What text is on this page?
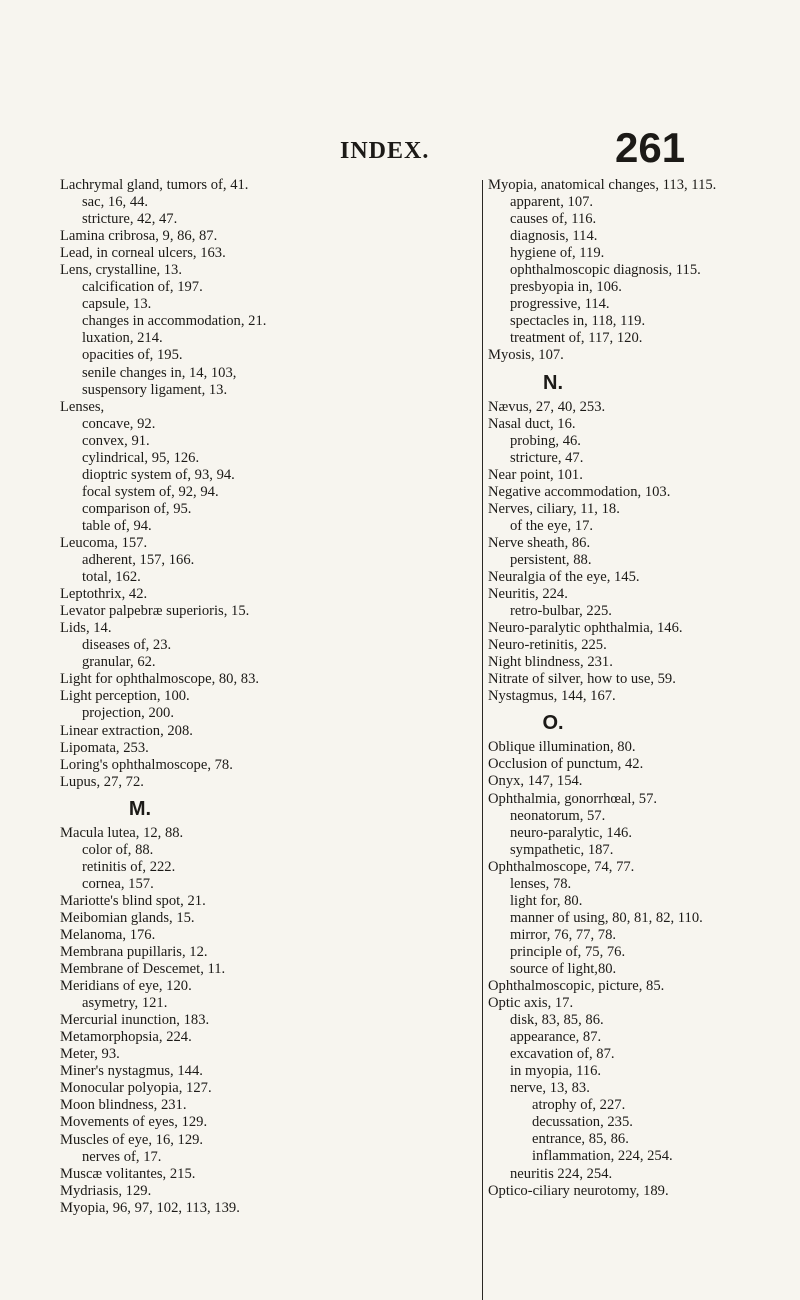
INDEX.	261
Lachrymal gland, tumors of, 41.
sac, 16, 44.
stricture, 42, 47.
Lamina cribrosa, 9, 86, 87.
Lead, in corneal ulcers, 163.
Lens, crystalline, 13.
calcification of, 197.
capsule, 13.
changes in accommodation, 21.
luxation, 214.
opacities of, 195.
senile changes in, 14, 103,
suspensory ligament, 13.
Lenses,
concave, 92.
convex, 91.
cylindrical, 95, 126.
dioptric system of, 93, 94.
focal system of, 92, 94.
comparison of, 95.
table of, 94.
Leucoma, 157.
adherent, 157, 166.
total, 162.
Leptothrix, 42.
Levator palpebræ superioris, 15.
Lids, 14.
diseases of, 23.
granular, 62.
Light for ophthalmoscope, 80, 83.
Light perception, 100.
projection, 200.
Linear extraction, 208.
Lipomata, 253.
Loring's ophthalmoscope, 78.
Lupus, 27, 72.
M.
Macula lutea, 12, 88.
color of, 88.
retinitis of, 222.
cornea, 157.
Mariotte's blind spot, 21.
Meibomian glands, 15.
Melanoma, 176.
Membrana pupillaris, 12.
Membrane of Descemet, 11.
Meridians of eye, 120.
asymetry, 121.
Mercurial inunction, 183.
Metamorphopsia, 224.
Meter, 93.
Miner's nystagmus, 144.
Monocular polyopia, 127.
Moon blindness, 231.
Movements of eyes, 129.
Muscles of eye, 16, 129.
nerves of, 17.
Muscæ volitantes, 215.
Mydriasis, 129.
Myopia, 96, 97, 102, 113, 139.
Myopia, anatomical changes, 113, 115.
apparent, 107.
causes of, 116.
diagnosis, 114.
hygiene of, 119.
ophthalmoscopic diagnosis, 115.
presbyopia in, 106.
progressive, 114.
spectacles in, 118, 119.
treatment of, 117, 120.
Myosis, 107.
N.
Nævus, 27, 40, 253.
Nasal duct, 16.
probing, 46.
stricture, 47.
Near point, 101.
Negative accommodation, 103.
Nerves, ciliary, 11, 18.
of the eye, 17.
Nerve sheath, 86.
persistent, 88.
Neuralgia of the eye, 145.
Neuritis, 224.
retro-bulbar, 225.
Neuro-paralytic ophthalmia, 146.
Neuro-retinitis, 225.
Night blindness, 231.
Nitrate of silver, how to use, 59.
Nystagmus, 144, 167.
O.
Oblique illumination, 80.
Occlusion of punctum, 42.
Onyx, 147, 154.
Ophthalmia, gonorrhœal, 57.
neonatorum, 57.
neuro-paralytic, 146.
sympathetic, 187.
Ophthalmoscope, 74, 77.
lenses, 78.
light for, 80.
manner of using, 80, 81, 82, 110.
mirror, 76, 77, 78.
principle of, 75, 76.
source of light,80.
Ophthalmoscopic, picture, 85.
Optic axis, 17.
disk, 83, 85, 86.
appearance, 87.
excavation of, 87.
in myopia, 116.
nerve, 13, 83.
atrophy of, 227.
decussation, 235.
entrance, 85, 86.
inflammation, 224, 254.
neuritis 224, 254.
Optico-ciliary neurotomy, 189.
